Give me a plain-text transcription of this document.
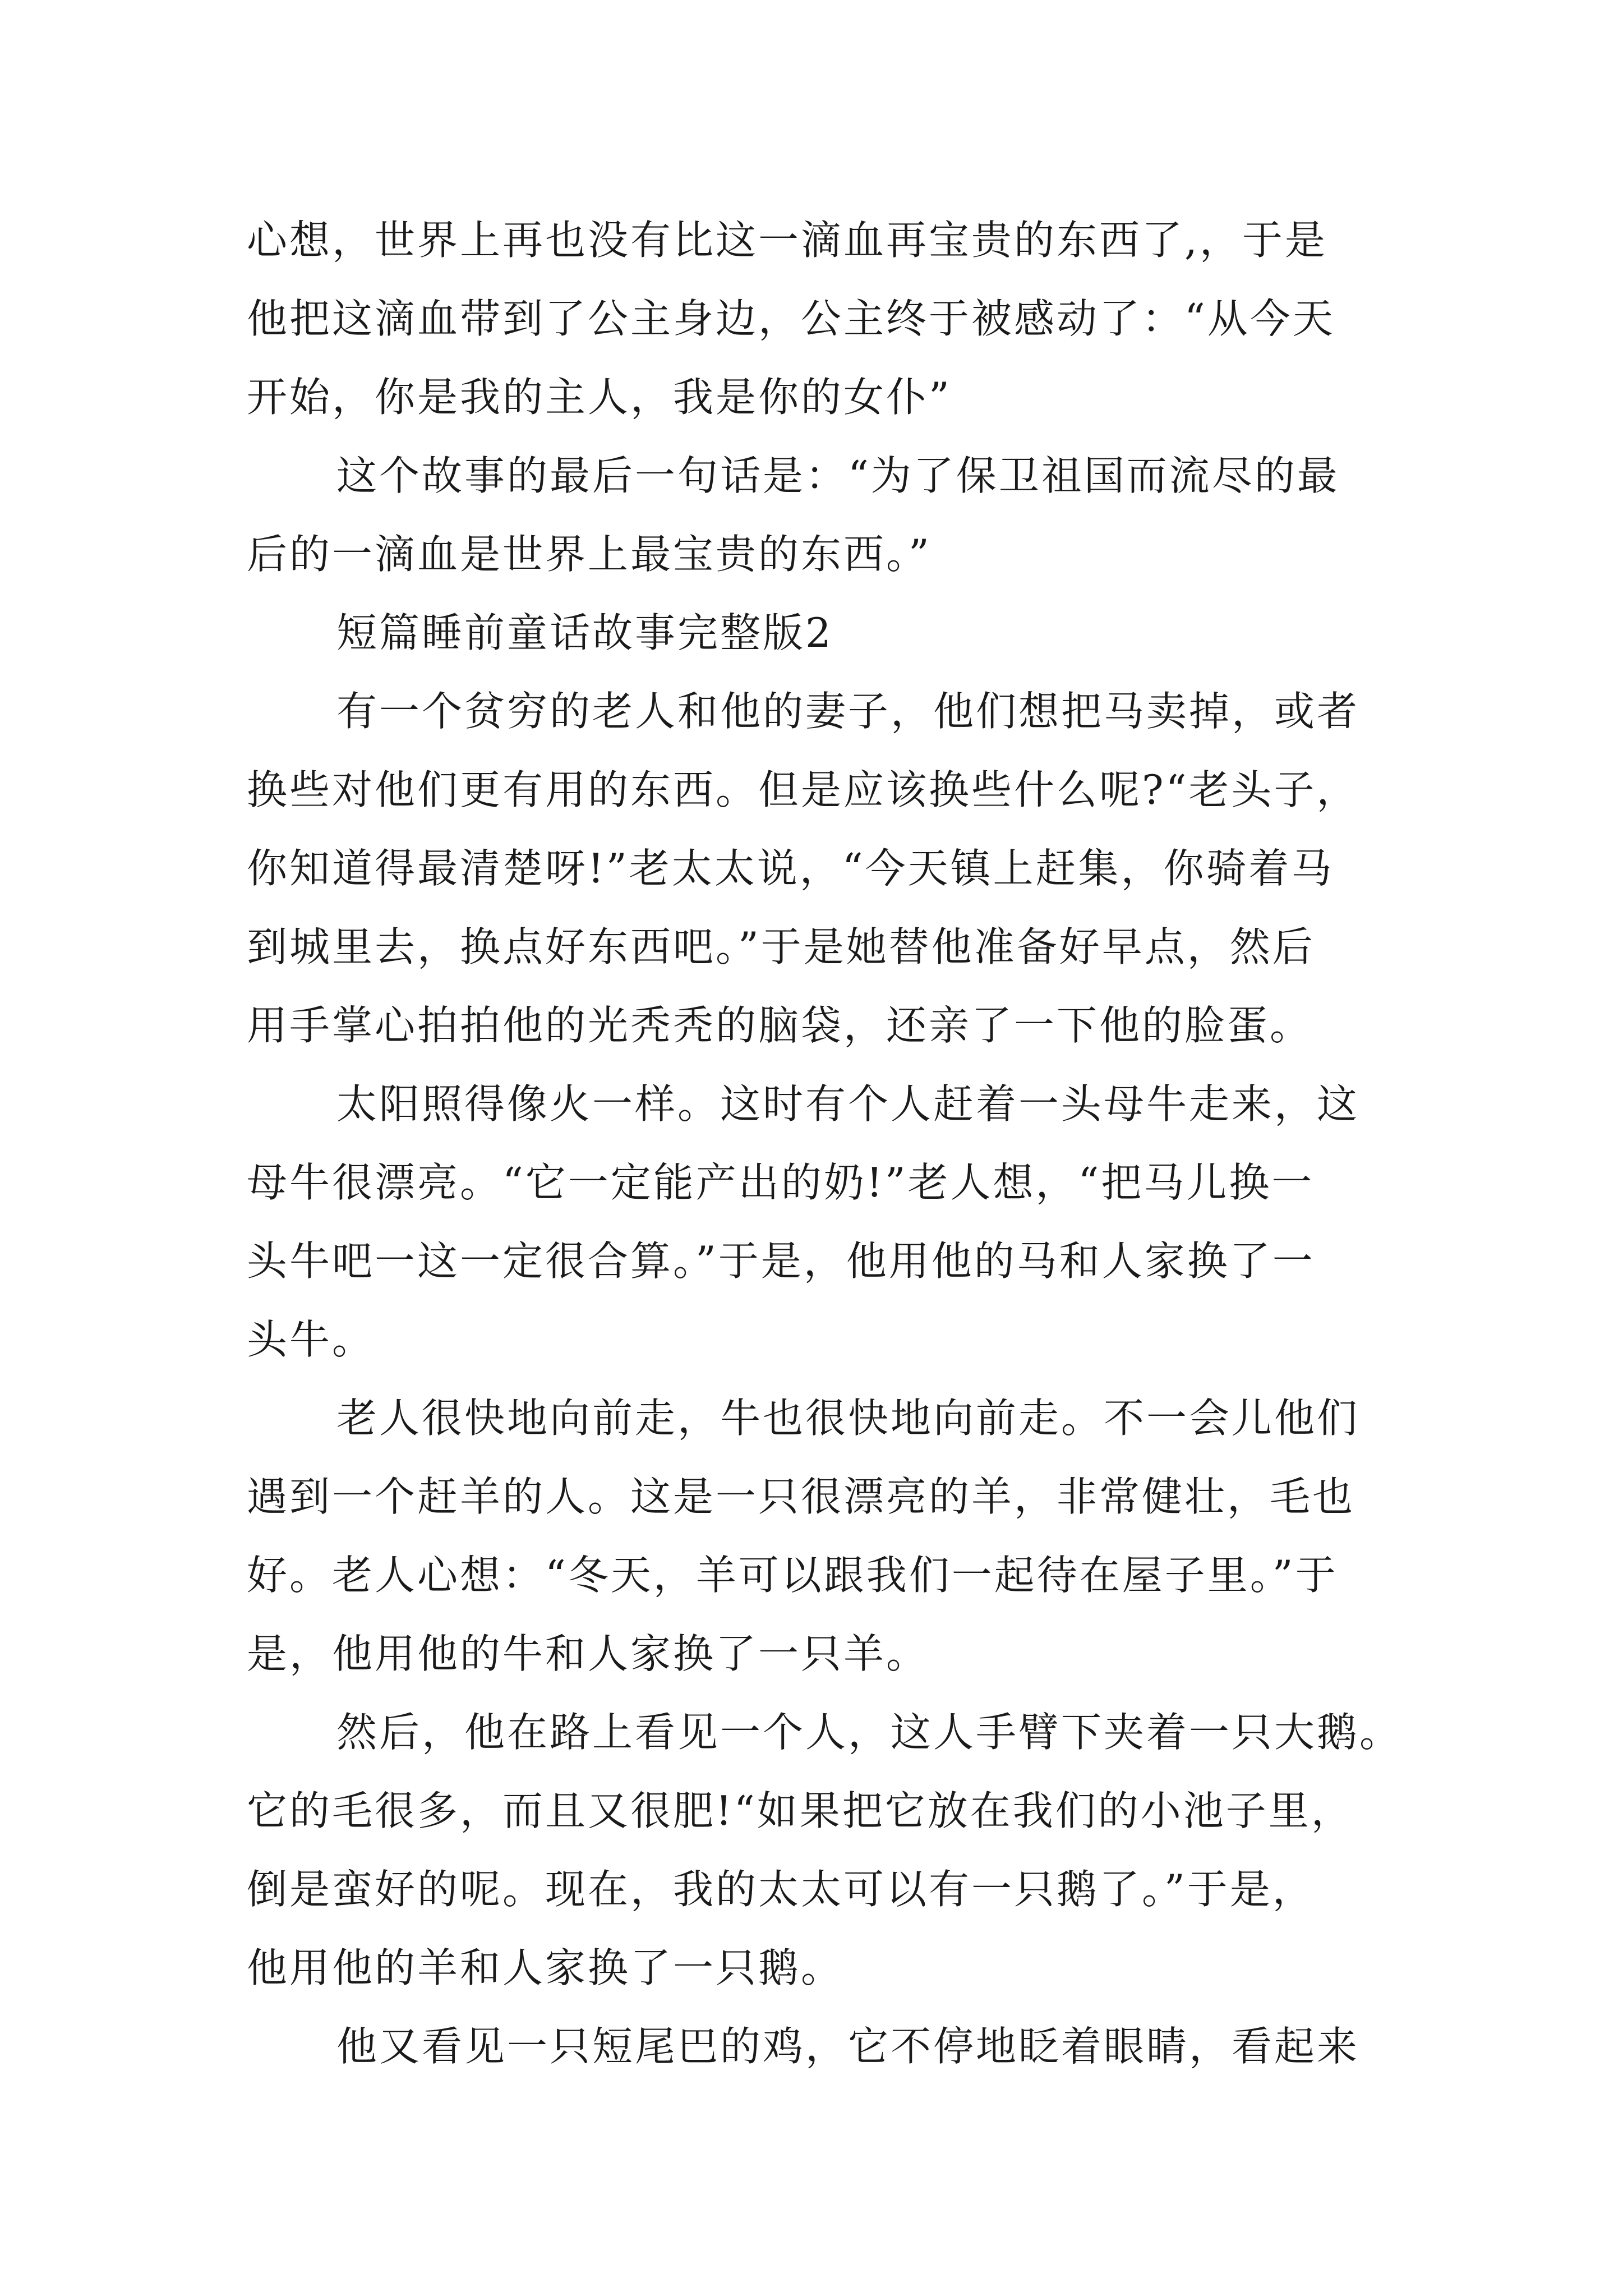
心想，世界上再也没有比这一滴血再宝贵的东西了,，于是
他把这滴血带到了公主身边，公主终于被感动了：“从今天
开始，你是我的主人，我是你的女仆”
这个故事的最后一句话是：“为了保卫祖国而流尽的最
后的一滴血是世界上最宝贵的东西。”
短篇睡前童话故事完整版2
有一个贫穷的老人和他的妻子，他们想把马卖掉，或者
换些对他们更有用的东西。但是应该换些什么呢?“老头子，
你知道得最清楚呀!”老太太说，“今天镇上赶集，你骑着马
到城里去，换点好东西吧。”于是她替他准备好早点，然后
用手掌心拍拍他的光秃秃的脑袋，还亲了一下他的脸蛋。
太阳照得像火一样。这时有个人赶着一头母牛走来，这
母牛很漂亮。“它一定能产出的奶!”老人想，“把马儿换一
头牛吧一这一定很合算。”于是，他用他的马和人家换了一
头牛。
老人很快地向前走，牛也很快地向前走。不一会儿他们
遇到一个赶羊的人。这是一只很漂亮的羊，非常健壮，毛也
好。老人心想：“冬天，羊可以跟我们一起待在屋子里。”于
是，他用他的牛和人家换了一只羊。
然后，他在路上看见一个人，这人手臂下夹着一只大鹅。
它的毛很多，而且又很肥!“如果把它放在我们的小池子里，
倒是蛮好的呢。现在，我的太太可以有一只鹅了。”于是，
他用他的羊和人家换了一只鹅。
他又看见一只短尾巴的鸡，它不停地眨着眼睛，看起来
